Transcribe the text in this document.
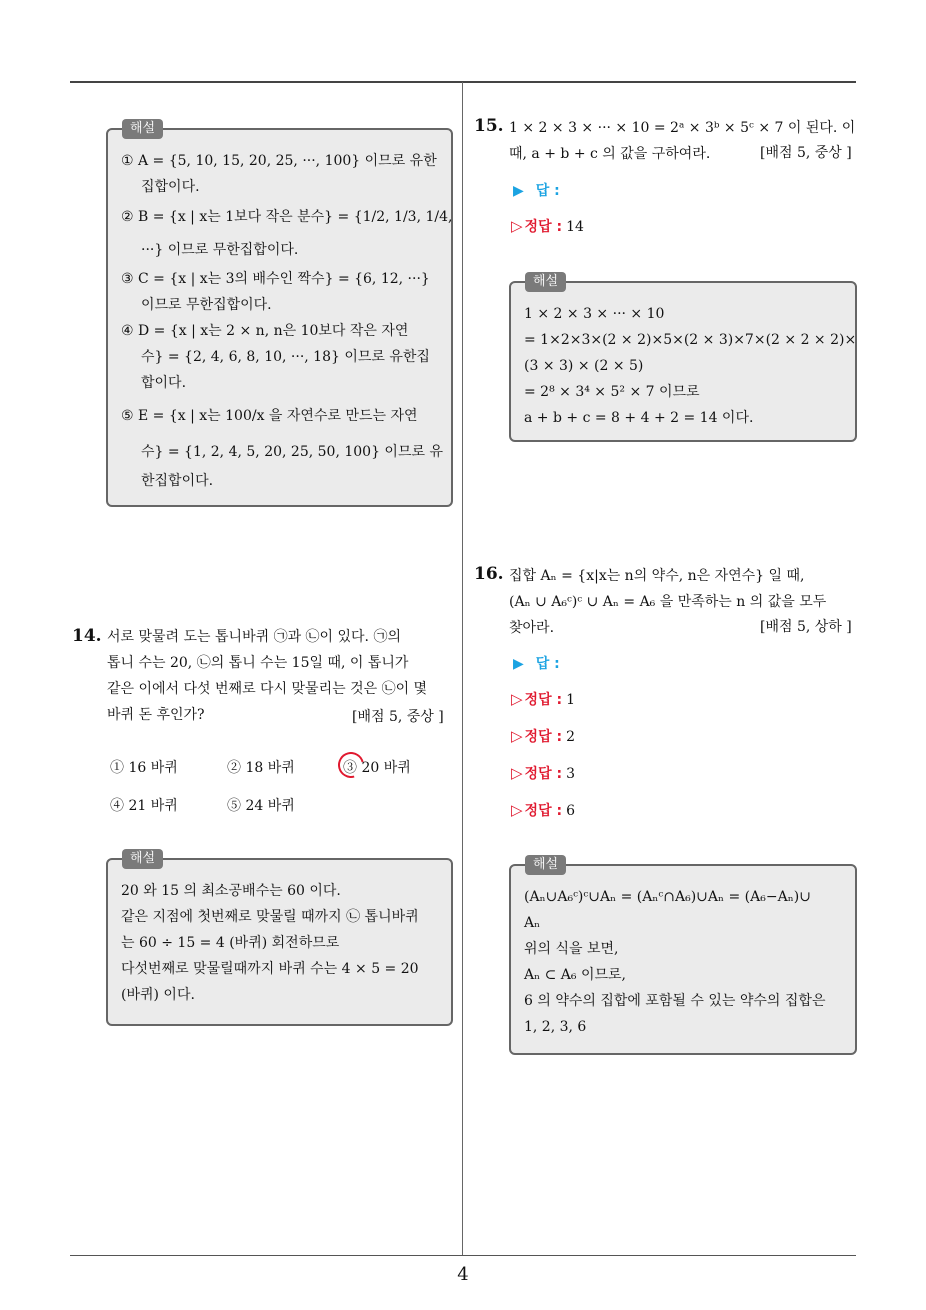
4
해설
① A = {5, 10, 15, 20, 25, ···, 100} 이므로 유한
집합이다.
② B = {x | x는 1보다 작은 분수} = {1/2, 1/3, 1/4,
···} 이므로 무한집합이다.
③ C = {x | x는 3의 배수인 짝수} = {6, 12, ···}
이므로 무한집합이다.
④ D = {x | x는 2 × n, n은 10보다 작은 자연
수} = {2, 4, 6, 8, 10, ···, 18} 이므로 유한집
합이다.
⑤ E = {x | x는 100/x 을 자연수로 만드는 자연
수} = {1, 2, 4, 5, 20, 25, 50, 100} 이므로 유
한집합이다.
14. 서로 맞물려 도는 톱니바퀴 ㉠과 ㉡이 있다. ㉠의
톱니 수는 20, ㉡의 톱니 수는 15일 때, 이 톱니가
같은 이에서 다섯 번째로 다시 맞물리는 것은 ㉡이 몇
바퀴 돈 후인가?	[배점 5, 중상 ]
① 16 바퀴	② 18 바퀴	③ 20 바퀴
④ 21 바퀴	⑤ 24 바퀴
해설
20 와 15 의 최소공배수는 60 이다.
같은 지점에 첫번째로 맞물릴 때까지 ㉡ 톱니바퀴
는 60 ÷ 15 = 4 (바퀴) 회전하므로
다섯번째로 맞물릴때까지 바퀴 수는 4 × 5 = 20
(바퀴) 이다.
15. 1 × 2 × 3 × ··· × 10 = 2ᵃ × 3ᵇ × 5ᶜ × 7 이 된다. 이
때, a + b + c 의 값을 구하여라.	[배점 5, 중상 ]
▶ 답 :
▷ 정답 : 14
해설
1 × 2 × 3 × ··· × 10
= 1×2×3×(2 × 2)×5×(2 × 3)×7×(2 × 2 × 2)×
(3 × 3) × (2 × 5)
= 2⁸ × 3⁴ × 5² × 7 이므로
a + b + c = 8 + 4 + 2 = 14 이다.
16. 집합 Aₙ = {x|x는 n의 약수, n은 자연수} 일 때,
(Aₙ ∪ A₆ᶜ)ᶜ ∪ Aₙ = A₆ 을 만족하는 n 의 값을 모두
찾아라.	[배점 5, 상하 ]
▶ 답 :
▷ 정답 : 1
▷ 정답 : 2
▷ 정답 : 3
▷ 정답 : 6
해설
(Aₙ∪A₆ᶜ)ᶜ∪Aₙ = (Aₙᶜ∩A₆)∪Aₙ = (A₆−Aₙ)∪
Aₙ
위의 식을 보면,
Aₙ ⊂ A₆ 이므로,
6 의 약수의 집합에 포함될 수 있는 약수의 집합은
1, 2, 3, 6
